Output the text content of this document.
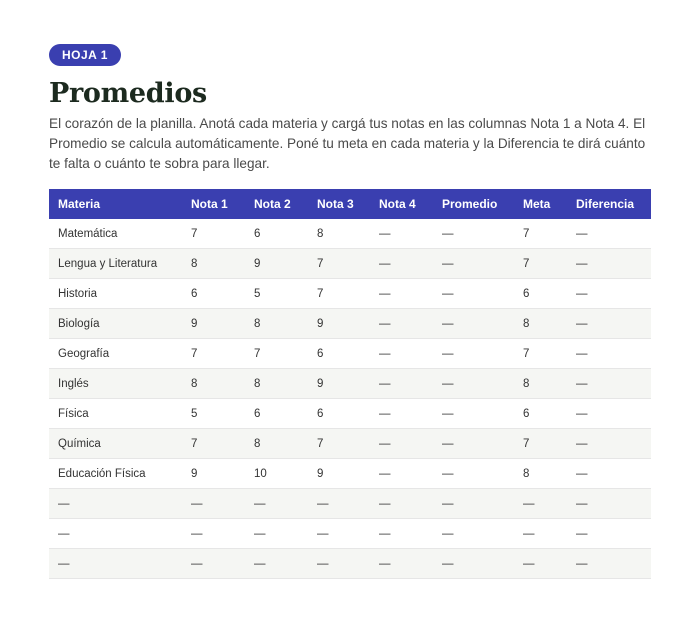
HOJA 1
Promedios

El corazón de la planilla. Anotá cada materia y cargá tus notas en las columnas Nota 1 a Nota 4. El Promedio se calcula automáticamente. Poné tu meta en cada materia y la Diferencia te dirá cuánto te falta o cuánto te sobra para llegar.

Materia	Nota 1	Nota 2	Nota 3	Nota 4	Promedio	Meta	Diferencia
Matemática	7	6	8	—	—	7	—
Lengua y Literatura	8	9	7	—	—	7	—
Historia	6	5	7	—	—	6	—
Biología	9	8	9	—	—	8	—
Geografía	7	7	6	—	—	7	—
Inglés	8	8	9	—	—	8	—
Física	5	6	6	—	—	6	—
Química	7	8	7	—	—	7	—
Educación Física	9	10	9	—	—	8	—
—	—	—	—	—	—	—	—
—	—	—	—	—	—	—	—
—	—	—	—	—	—	—	—
